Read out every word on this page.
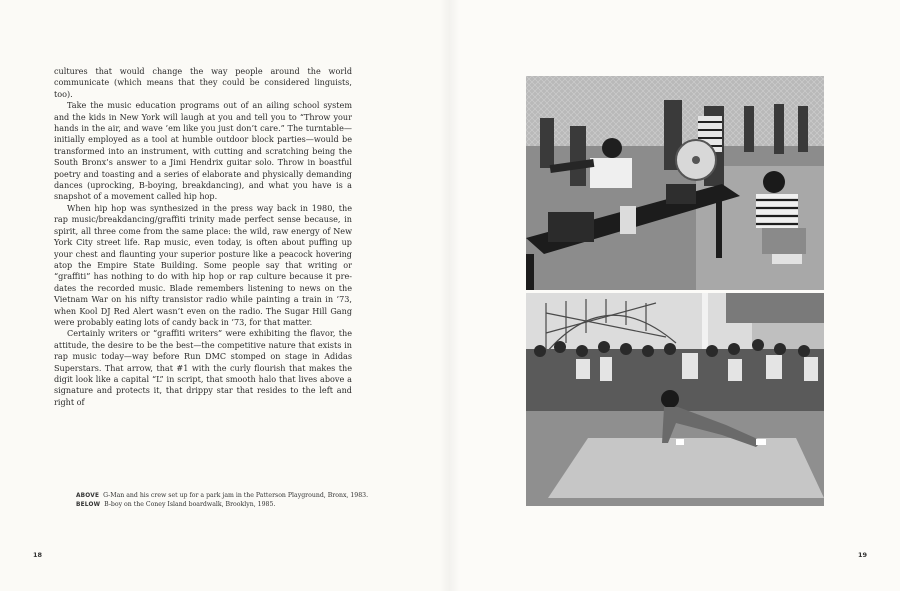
cultures that would change the way people around the world communicate (which means that they could be considered linguists, too).

Take the music education programs out of an ailing school system and the kids in New York will laugh at you and tell you to “Throw your hands in the air, and wave ’em like you just don’t care.” The turntable—initially employed as a tool at humble outdoor block parties—would be transformed into an instrument, with cutting and scratching being the South Bronx’s answer to a Jimi Hendrix guitar solo. Throw in boastful poetry and toasting and a series of elaborate and physically demanding dances (uprocking, B-boying, breakdancing), and what you have is a snapshot of a movement called hip hop.

When hip hop was synthesized in the press way back in 1980, the rap music/breakdancing/graffiti trinity made perfect sense because, in spirit, all three come from the same place: the wild, raw energy of New York City street life. Rap music, even today, is often about puffing up your chest and flaunting your superior posture like a peacock hovering atop the Empire State Building. Some people say that writing or “graffiti” has nothing to do with hip hop or rap culture because it pre-dates the recorded music. Blade remembers listening to news on the Vietnam War on his nifty transistor radio while painting a train in ’73, when Kool DJ Red Alert wasn’t even on the radio. The Sugar Hill Gang were probably eating lots of candy back in ’73, for that matter.

Certainly writers or “graffiti writers” were exhibiting the flavor, the attitude, the desire to be the best—the competitive nature that exists in rap music today—way before Run DMC stomped on stage in Adidas Superstars. That arrow, that #1 with the curly flourish that makes the digit look like a capital “L” in script, that smooth halo that lives above a signature and protects it, that drippy star that resides to the left and right of

ABOVE G-Man and his crew set up for a park jam in the Patterson Playground, Bronx, 1983.
BELOW B-boy on the Coney Island boardwalk, Brooklyn, 1985.
18	19
